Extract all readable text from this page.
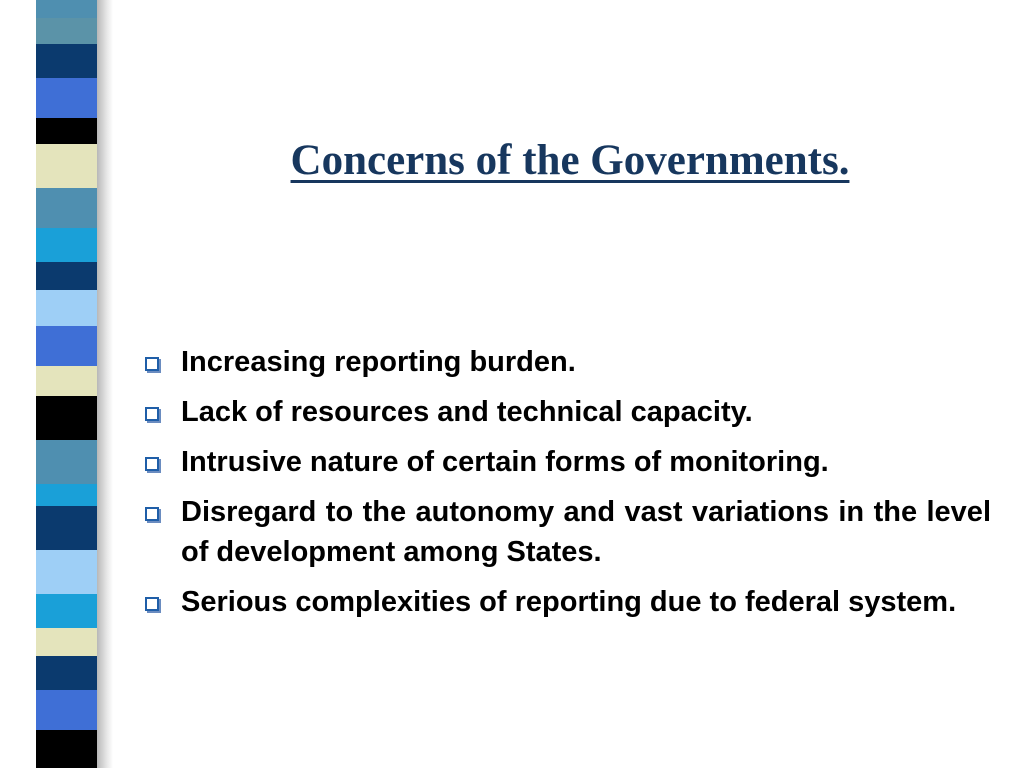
Concerns of the Governments.
Increasing reporting burden.
Lack of resources and technical capacity.
Intrusive nature of certain forms of monitoring.
Disregard to the autonomy and vast variations in the level of development among States.
Serious complexities of reporting due to federal system.
